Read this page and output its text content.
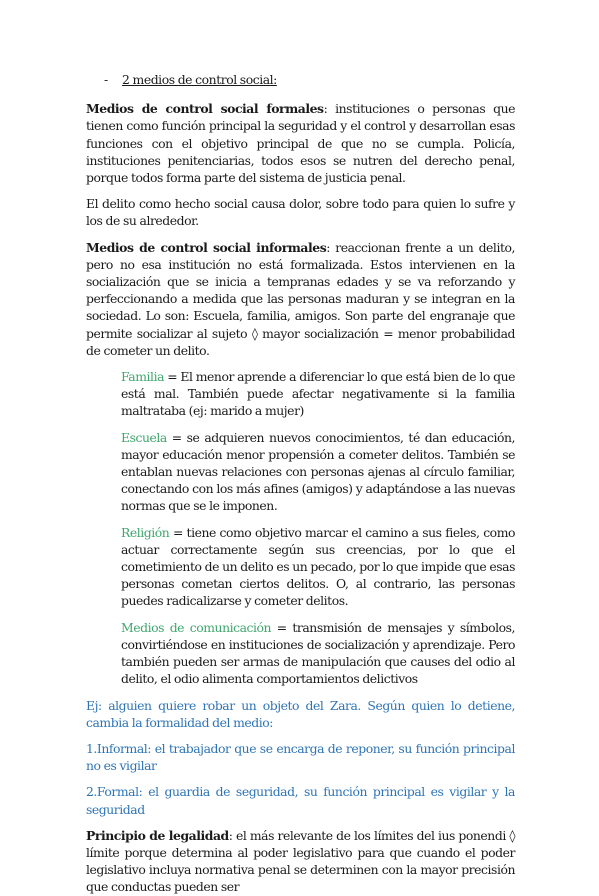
- 2 medios de control social:

Medios de control social formales: instituciones o personas que tienen como función principal la seguridad y el control y desarrollan esas funciones con el objetivo principal de que no se cumpla. Policía, instituciones penitenciarias, todos esos se nutren del derecho penal, porque todos forma parte del sistema de justicia penal.

El delito como hecho social causa dolor, sobre todo para quien lo sufre y los de su alrededor.

Medios de control social informales: reaccionan frente a un delito, pero no esa institución no está formalizada. Estos intervienen en la socialización que se inicia a tempranas edades y se va reforzando y perfeccionando a medida que las personas maduran y se integran en la sociedad. Lo son: Escuela, familia, amigos. Son parte del engranaje que permite socializar al sujeto ◊ mayor socialización = menor probabilidad de cometer un delito.

Familia = El menor aprende a diferenciar lo que está bien de lo que está mal. También puede afectar negativamente si la familia maltrataba (ej: marido a mujer)

Escuela = se adquieren nuevos conocimientos, té dan educación, mayor educación menor propensión a cometer delitos. También se entablan nuevas relaciones con personas ajenas al círculo familiar, conectando con los más afines (amigos) y adaptándose a las nuevas normas que se le imponen.

Religión = tiene como objetivo marcar el camino a sus fieles, como actuar correctamente según sus creencias, por lo que el cometimiento de un delito es un pecado, por lo que impide que esas personas cometan ciertos delitos. O, al contrario, las personas puedes radicalizarse y cometer delitos.

Medios de comunicación = transmisión de mensajes y símbolos, convirtiéndose en instituciones de socialización y aprendizaje. Pero también pueden ser armas de manipulación que causes del odio al delito, el odio alimenta comportamientos delictivos

Ej: alguien quiere robar un objeto del Zara. Según quien lo detiene, cambia la formalidad del medio:

1.Informal: el trabajador que se encarga de reponer, su función principal no es vigilar

2.Formal: el guardia de seguridad, su función principal es vigilar y la seguridad

Principio de legalidad: el más relevante de los límites del ius ponendi ◊ límite porque determina al poder legislativo para que cuando el poder legislativo incluya normativa penal se determinen con la mayor precisión que conductas pueden ser
